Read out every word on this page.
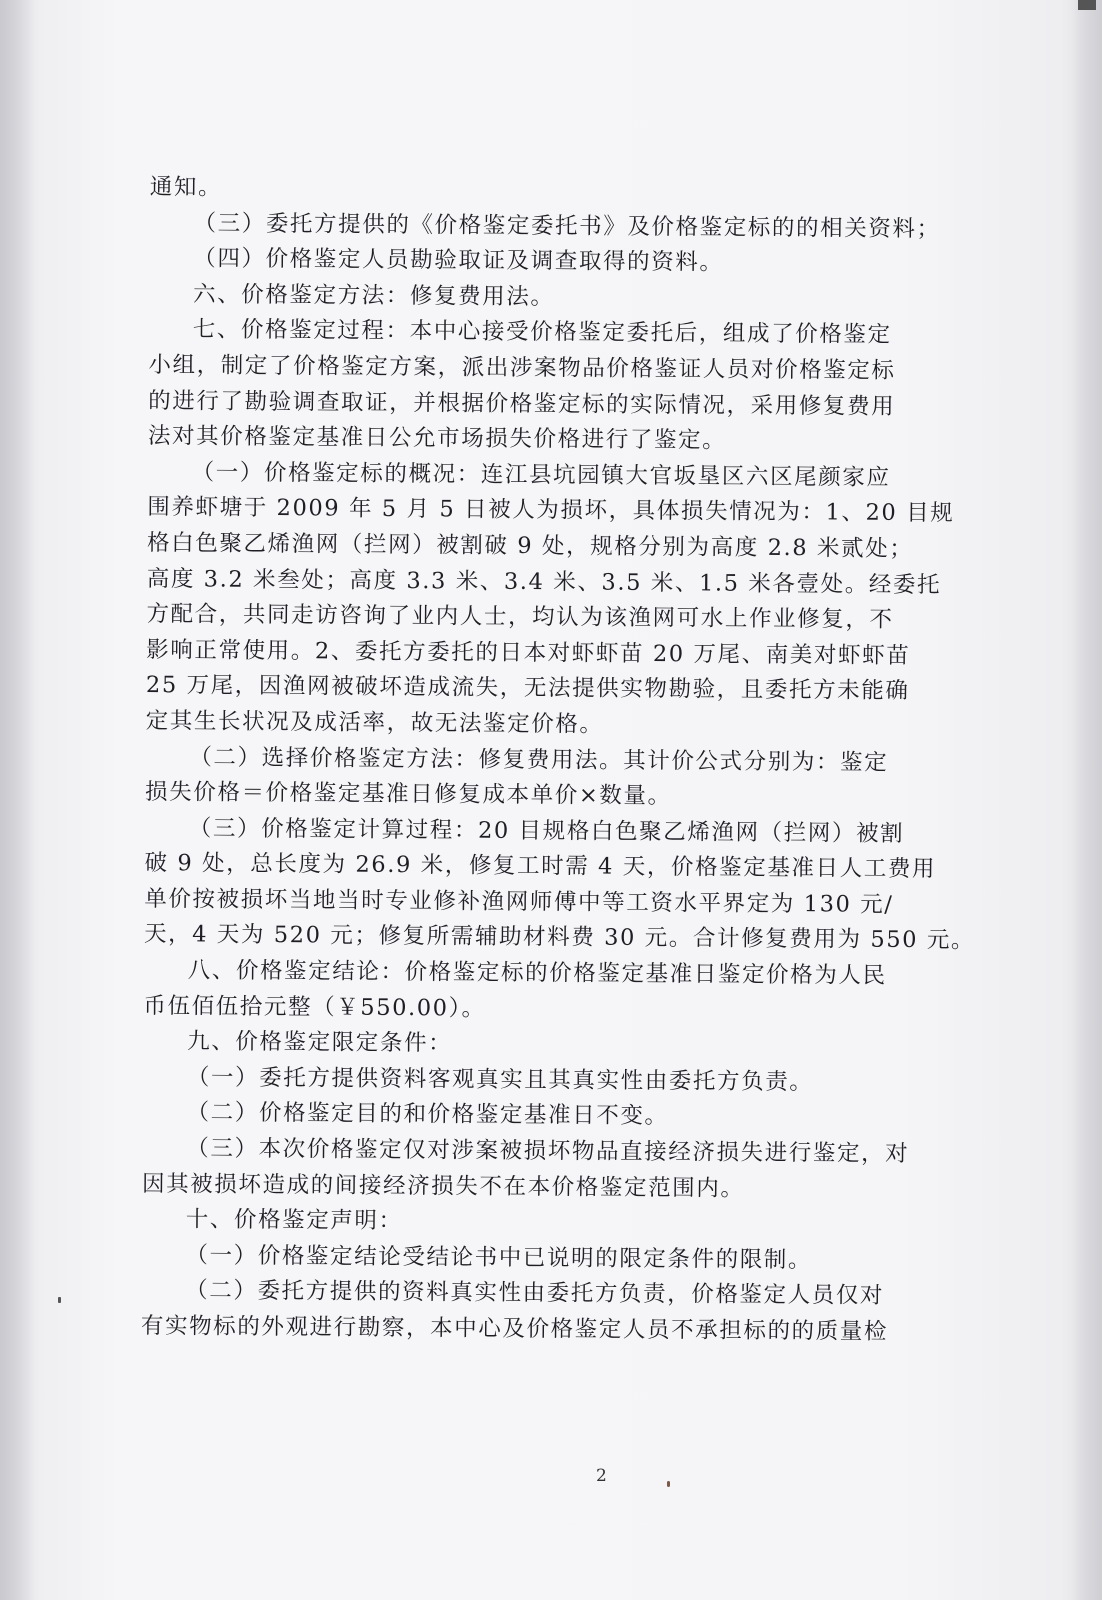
通知。
（三）委托方提供的《价格鉴定委托书》及价格鉴定标的的相关资料；
（四）价格鉴定人员勘验取证及调查取得的资料。
六、价格鉴定方法：修复费用法。
七、价格鉴定过程：本中心接受价格鉴定委托后，组成了价格鉴定
小组，制定了价格鉴定方案，派出涉案物品价格鉴证人员对价格鉴定标
的进行了勘验调查取证，并根据价格鉴定标的实际情况，采用修复费用
法对其价格鉴定基准日公允市场损失价格进行了鉴定。
（一）价格鉴定标的概况：连江县坑园镇大官坂垦区六区尾颜家应
围养虾塘于 2009 年 5 月 5 日被人为损坏，具体损失情况为：1、20 目规
格白色聚乙烯渔网（拦网）被割破 9 处，规格分别为高度 2.8 米贰处；
高度 3.2 米叁处；高度 3.3 米、3.4 米、3.5 米、1.5 米各壹处。经委托
方配合，共同走访咨询了业内人士，均认为该渔网可水上作业修复，不
影响正常使用。2、委托方委托的日本对虾虾苗 20 万尾、南美对虾虾苗
25 万尾，因渔网被破坏造成流失，无法提供实物勘验，且委托方未能确
定其生长状况及成活率，故无法鉴定价格。
（二）选择价格鉴定方法：修复费用法。其计价公式分别为：鉴定
损失价格＝价格鉴定基准日修复成本单价×数量。
（三）价格鉴定计算过程：20 目规格白色聚乙烯渔网（拦网）被割
破 9 处，总长度为 26.9 米，修复工时需 4 天，价格鉴定基准日人工费用
单价按被损坏当地当时专业修补渔网师傅中等工资水平界定为 130 元/
天，4 天为 520 元；修复所需辅助材料费 30 元。合计修复费用为 550 元。
八、价格鉴定结论：价格鉴定标的价格鉴定基准日鉴定价格为人民
币伍佰伍拾元整（￥550.00）。
九、价格鉴定限定条件：
（一）委托方提供资料客观真实且其真实性由委托方负责。
（二）价格鉴定目的和价格鉴定基准日不变。
（三）本次价格鉴定仅对涉案被损坏物品直接经济损失进行鉴定，对
因其被损坏造成的间接经济损失不在本价格鉴定范围内。
十、价格鉴定声明：
（一）价格鉴定结论受结论书中已说明的限定条件的限制。
（二）委托方提供的资料真实性由委托方负责，价格鉴定人员仅对
有实物标的外观进行勘察，本中心及价格鉴定人员不承担标的的质量检
2
